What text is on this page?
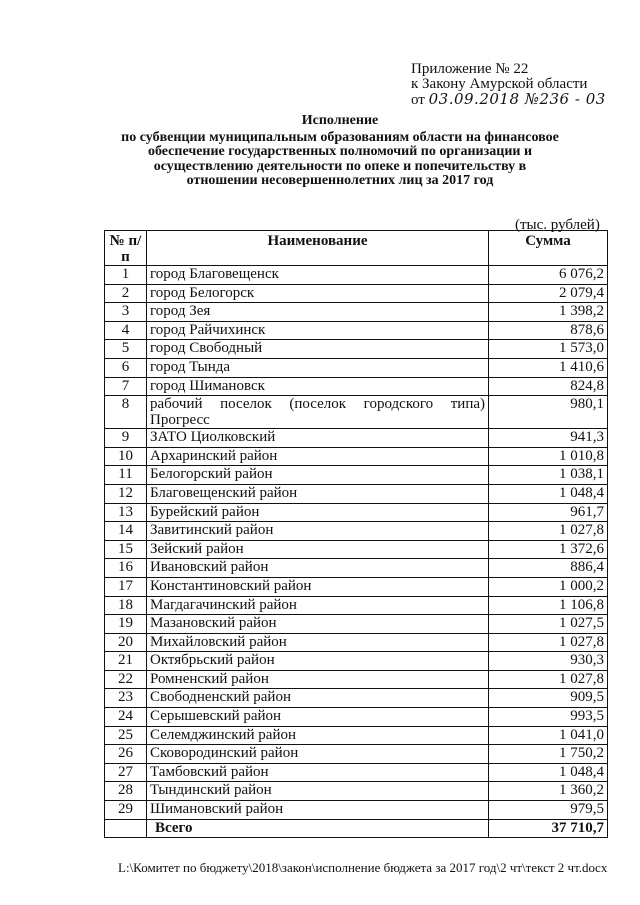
Приложение № 22
к Закону Амурской области
от 03.09.2018 №236 - 03
Исполнение
по субвенции муниципальным образованиям области на финансовое обеспечение государственных полномочий по организации и осуществлению деятельности по опеке и попечительству в отношении несовершеннолетних лиц за 2017 год
(тыс. рублей)
№ п/п	Наименование	Сумма
1	город Благовещенск	6 076,2
2	город Белогорск	2 079,4
3	город Зея	1 398,2
4	город Райчихинск	878,6
5	город Свободный	1 573,0
6	город Тында	1 410,6
7	город Шимановск	824,8
8	рабочий поселок (поселок городского типа) Прогресс	980,1
9	ЗАТО Циолковский	941,3
10	Архаринский район	1 010,8
11	Белогорский район	1 038,1
12	Благовещенский район	1 048,4
13	Бурейский район	961,7
14	Завитинский район	1 027,8
15	Зейский район	1 372,6
16	Ивановский район	886,4
17	Константиновский район	1 000,2
18	Магдагачинский район	1 106,8
19	Мазановский район	1 027,5
20	Михайловский район	1 027,8
21	Октябрьский район	930,3
22	Ромненский район	1 027,8
23	Свободненский район	909,5
24	Серышевский район	993,5
25	Селемджинский район	1 041,0
26	Сковородинский район	1 750,2
27	Тамбовский район	1 048,4
28	Тындинский район	1 360,2
29	Шимановский район	979,5
	Всего	37 710,7
L:\Комитет по бюджету\2018\закон\исполнение бюджета за 2017 год\2 чт\текст 2 чт.docx
